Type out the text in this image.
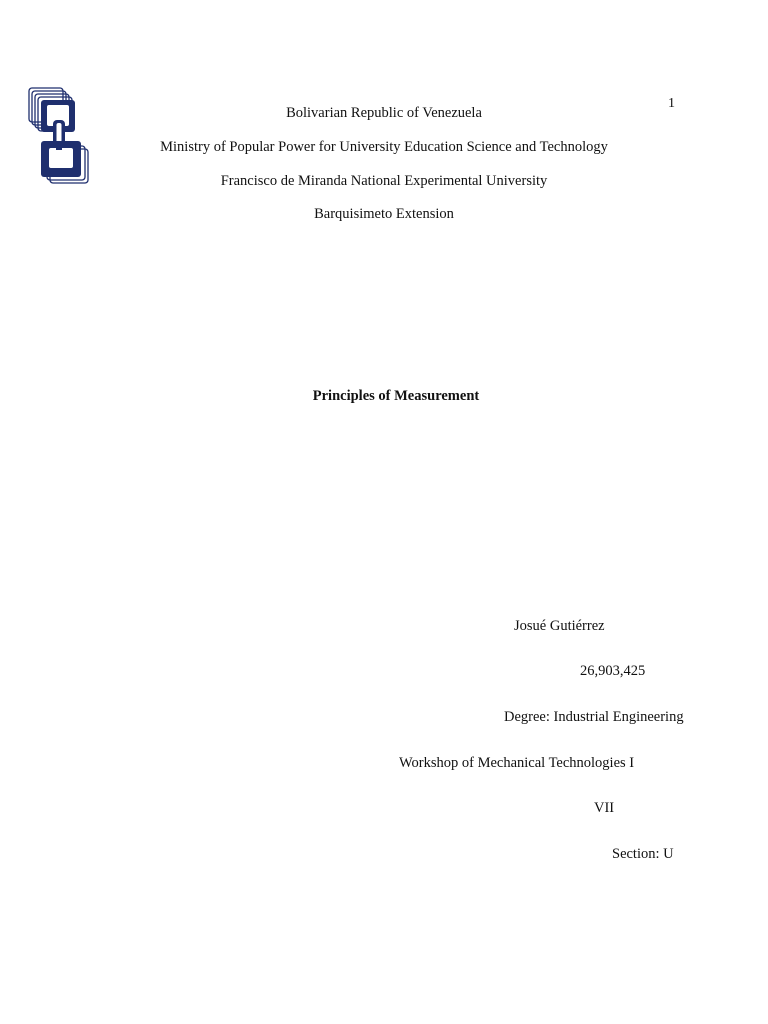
1
Bolivarian Republic of Venezuela
Ministry of Popular Power for University Education Science and Technology
Francisco de Miranda National Experimental University
Barquisimeto Extension
Principles of Measurement
Josué Gutiérrez
26,903,425
Degree: Industrial Engineering
Workshop of Mechanical Technologies I
VII
Section: U
